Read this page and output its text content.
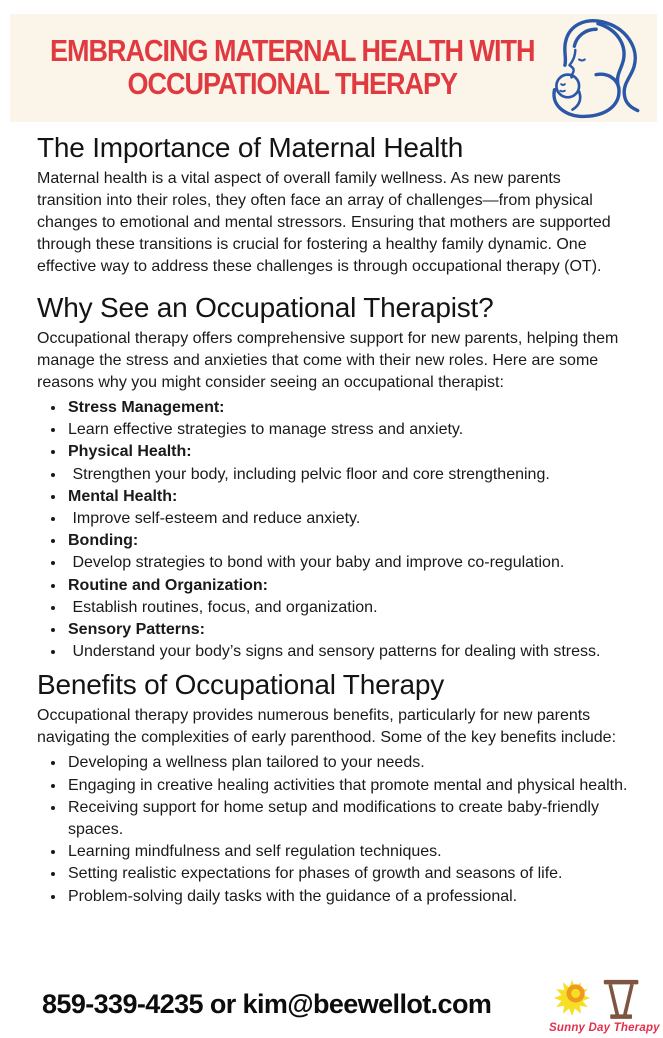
EMBRACING MATERNAL HEALTH WITH
OCCUPATIONAL THERAPY
The Importance of Maternal Health

Maternal health is a vital aspect of overall family wellness. As new parents transition into their roles, they often face an array of challenges—from physical changes to emotional and mental stressors. Ensuring that mothers are supported through these transitions is crucial for fostering a healthy family dynamic. One effective way to address these challenges is through occupational therapy (OT).

Why See an Occupational Therapist?

Occupational therapy offers comprehensive support for new parents, helping them manage the stress and anxieties that come with their new roles. Here are some reasons why you might consider seeing an occupational therapist:

• Stress Management:
• Learn effective strategies to manage stress and anxiety.
• Physical Health:
•  Strengthen your body, including pelvic floor and core strengthening.
• Mental Health:
•  Improve self-esteem and reduce anxiety.
• Bonding:
•  Develop strategies to bond with your baby and improve co-regulation.
• Routine and Organization:
•  Establish routines, focus, and organization.
• Sensory Patterns:
•  Understand your body’s signs and sensory patterns for dealing with stress.
Benefits of Occupational Therapy

Occupational therapy provides numerous benefits, particularly for new parents navigating the complexities of early parenthood. Some of the key benefits include:

• Developing a wellness plan tailored to your needs.
• Engaging in creative healing activities that promote mental and physical health.
• Receiving support for home setup and modifications to create baby-friendly spaces.
• Learning mindfulness and self regulation techniques.
• Setting realistic expectations for phases of growth and seasons of life.
• Problem-solving daily tasks with the guidance of a professional.
859-339-4235 or kim@beewellot.com
Sunny Day Therapy
